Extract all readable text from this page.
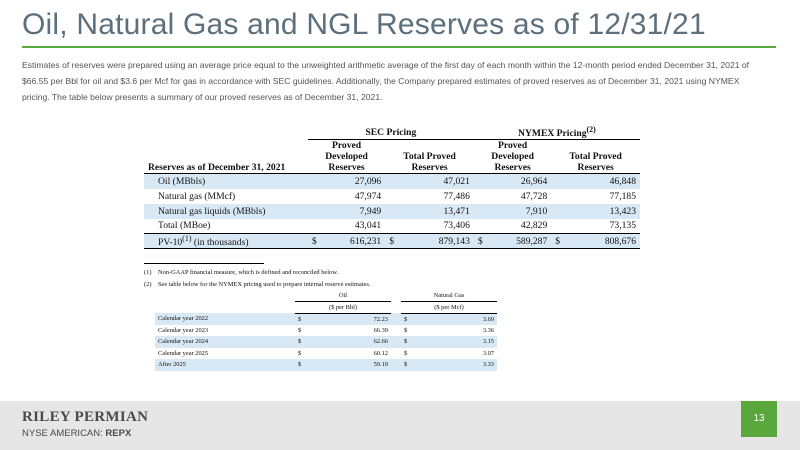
Oil, Natural Gas and NGL Reserves as of 12/31/21

Estimates of reserves were prepared using an average price equal to the unweighted arithmetic average of the first day of each month within the 12-month period ended December 31, 2021 of $66.55 per Bbl for oil and $3.6 per Mcf for gas in accordance with SEC guidelines. Additionally, the Company prepared estimates of proved reserves as of December 31, 2021 using NYMEX pricing. The table below presents a summary of our proved reserves as of December 31, 2021.

	SEC Pricing				NYMEX Pricing$^{(2)}$
Reserves as of December 31, 2021	Proved Developed Reserves		Total Proved Reserves		Proved Developed Reserves		Total Proved Reserves	
Oil (MBbls)		27,096		47,021		26,964		46,848
Natural gas (MMcf)		47,974		77,486		47,728		77,185
Natural gas liquids (MBbls)		7,949		13,471		7,910		13,423
Total (MBoe)		43,041		73,406		42,829		73,135
PV-10$^{(1)}$ (in thousands)	$	616,231	$	879,143	$	589,287	$	808,676
(1) Non-GAAP financial measure, which is defined and reconciled below.
(2) See table below for the NYMEX pricing used to prepare internal reserve estimates.
	Oil			Natural Gas	
	($ per Bbl)			($ per Mcf)	
Calendar year 2022	$	72.23		$	3.69
Calendar year 2023	$	66.39		$	3.36
Calendar year 2024	$	62.66		$	3.15
Calendar year 2025	$	60.12		$	3.07
After 2025	$	59.19		$	3.33
RILEY PERMIAN
NYSE AMERICAN: REPX
13
